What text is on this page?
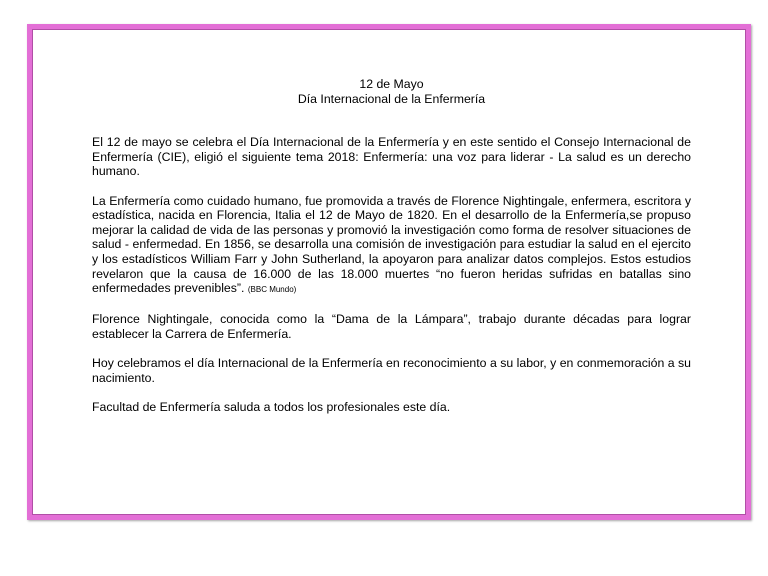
12 de Mayo
Día Internacional de la Enfermería

El 12 de mayo se celebra el Día Internacional de la Enfermería y en este sentido el Consejo Internacional de Enfermería (CIE), eligió el siguiente tema 2018: Enfermería: una voz para liderar - La salud es un derecho humano.

La Enfermería como cuidado humano, fue promovida a través de Florence Nightingale, enfermera, escritora y estadística, nacida en Florencia, Italia el 12 de Mayo de 1820. En el desarrollo de la Enfermería,se propuso mejorar la calidad de vida de las personas y promovió la investigación como forma de resolver situaciones de salud - enfermedad. En 1856, se desarrolla una comisión de investigación para estudiar la salud en el ejercito y los estadísticos William Farr y John Sutherland, la apoyaron para analizar datos complejos. Estos estudios revelaron que la causa de 16.000 de las 18.000 muertes “no fueron heridas sufridas en batallas sino enfermedades prevenibles”. (BBC Mundo)

Florence Nightingale, conocida como la “Dama de la Lámpara”, trabajo durante décadas para lograr establecer la Carrera de Enfermería.

Hoy celebramos el día Internacional de la Enfermería en reconocimiento a su labor, y en conmemoración a su nacimiento.

Facultad de Enfermería saluda a todos los profesionales este día.
